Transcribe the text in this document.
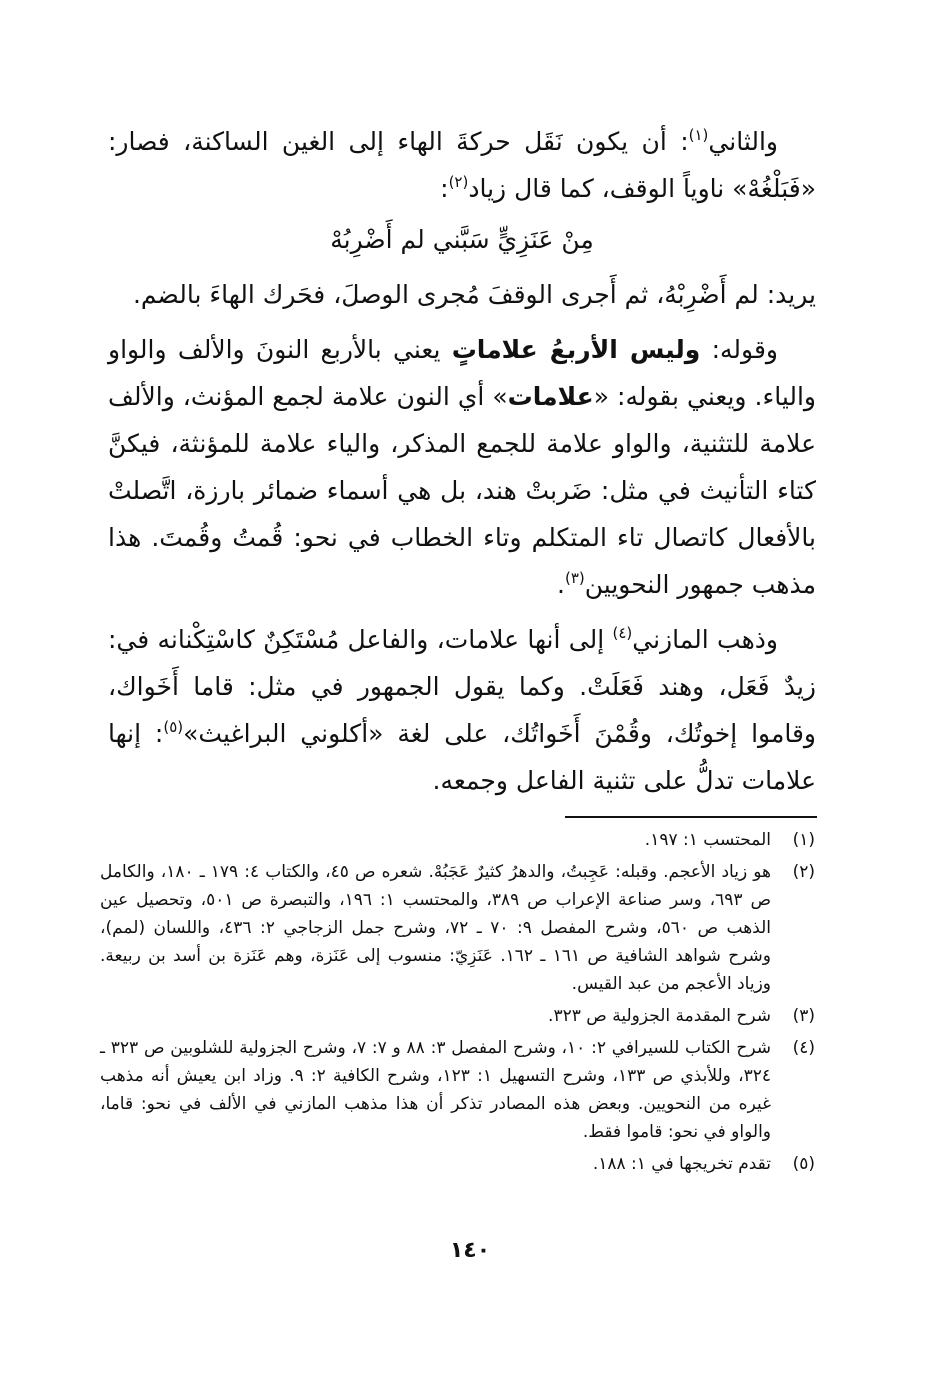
والثاني$^{(١)}$: أن يكون نَقَل حركةَ الهاء إلى الغين الساكنة، فصار: «فَبَلْغُهْ» ناوياً الوقف، كما قال زياد$^{(٢)}$:

مِنْ عَنَزِيٍّ سَبَّني لم أَضْرِبُهْ

يريد: لم أَضْرِبْهُ، ثم أَجرى الوقفَ مُجرى الوصلَ، فحَرك الهاءَ بالضم.

وقوله: وليس الأربعُ علاماتٍ يعني بالأربع النونَ والألف والواو والياء. ويعني بقوله: «علامات» أي النون علامة لجمع المؤنث، والألف علامة للتثنية، والواو علامة للجمع المذكر، والياء علامة للمؤنثة، فيكنَّ كتاء التأنيث في مثل: ضَربتْ هند، بل هي أسماء ضمائر بارزة، اتَّصلتْ بالأفعال كاتصال تاء المتكلم وتاء الخطاب في نحو: قُمتُ وقُمتَ. هذا مذهب جمهور النحويين$^{(٣)}$.

وذهب المازني$^{(٤)}$ إلى أنها علامات، والفاعل مُسْتَكِنٌ كاسْتِكْنانه في: زيدٌ فَعَل، وهند فَعَلَتْ. وكما يقول الجمهور في مثل: قاما أَخَواك، وقاموا إخوتُك، وقُمْنَ أَخَواتُك، على لغة «أكلوني البراغيث»$^{(٥)}$: إنها علامات تدلُّ على تثنية الفاعل وجمعه.

(١)
المحتسب ١: ١٩٧.
(٢)
هو زياد الأعجم. وقبله: عَجِبتُ، والدهرُ كثيرٌ عَجَبُهْ. شعره ص ٤٥، والكتاب ٤: ١٧٩ ـ ١٨٠، والكامل ص ٦٩٣، وسر صناعة الإعراب ص ٣٨٩، والمحتسب ١: ١٩٦، والتبصرة ص ٥٠١، وتحصيل عين الذهب ص ٥٦٠، وشرح المفصل ٩: ٧٠ ـ ٧٢، وشرح جمل الزجاجي ٢: ٤٣٦، واللسان (لمم)، وشرح شواهد الشافية ص ١٦١ ـ ١٦٢. عَنَزِيّ: منسوب إلى عَنَزة، وهم عَنَزة بن أسد بن ربيعة. وزياد الأعجم من عبد القيس.
(٣)
شرح المقدمة الجزولية ص ٣٢٣.
(٤)
شرح الكتاب للسيرافي ٢: ١٠، وشرح المفصل ٣: ٨٨ و ٧: ٧، وشرح الجزولية للشلوبين ص ٣٢٣ ـ ٣٢٤، وللأبذي ص ١٣٣، وشرح التسهيل ١: ١٢٣، وشرح الكافية ٢: ٩. وزاد ابن يعيش أنه مذهب غيره من النحويين. وبعض هذه المصادر تذكر أن هذا مذهب المازني في الألف في نحو: قاما، والواو في نحو: قاموا فقط.
(٥)
تقدم تخريجها في ١: ١٨٨.
١٤٠
